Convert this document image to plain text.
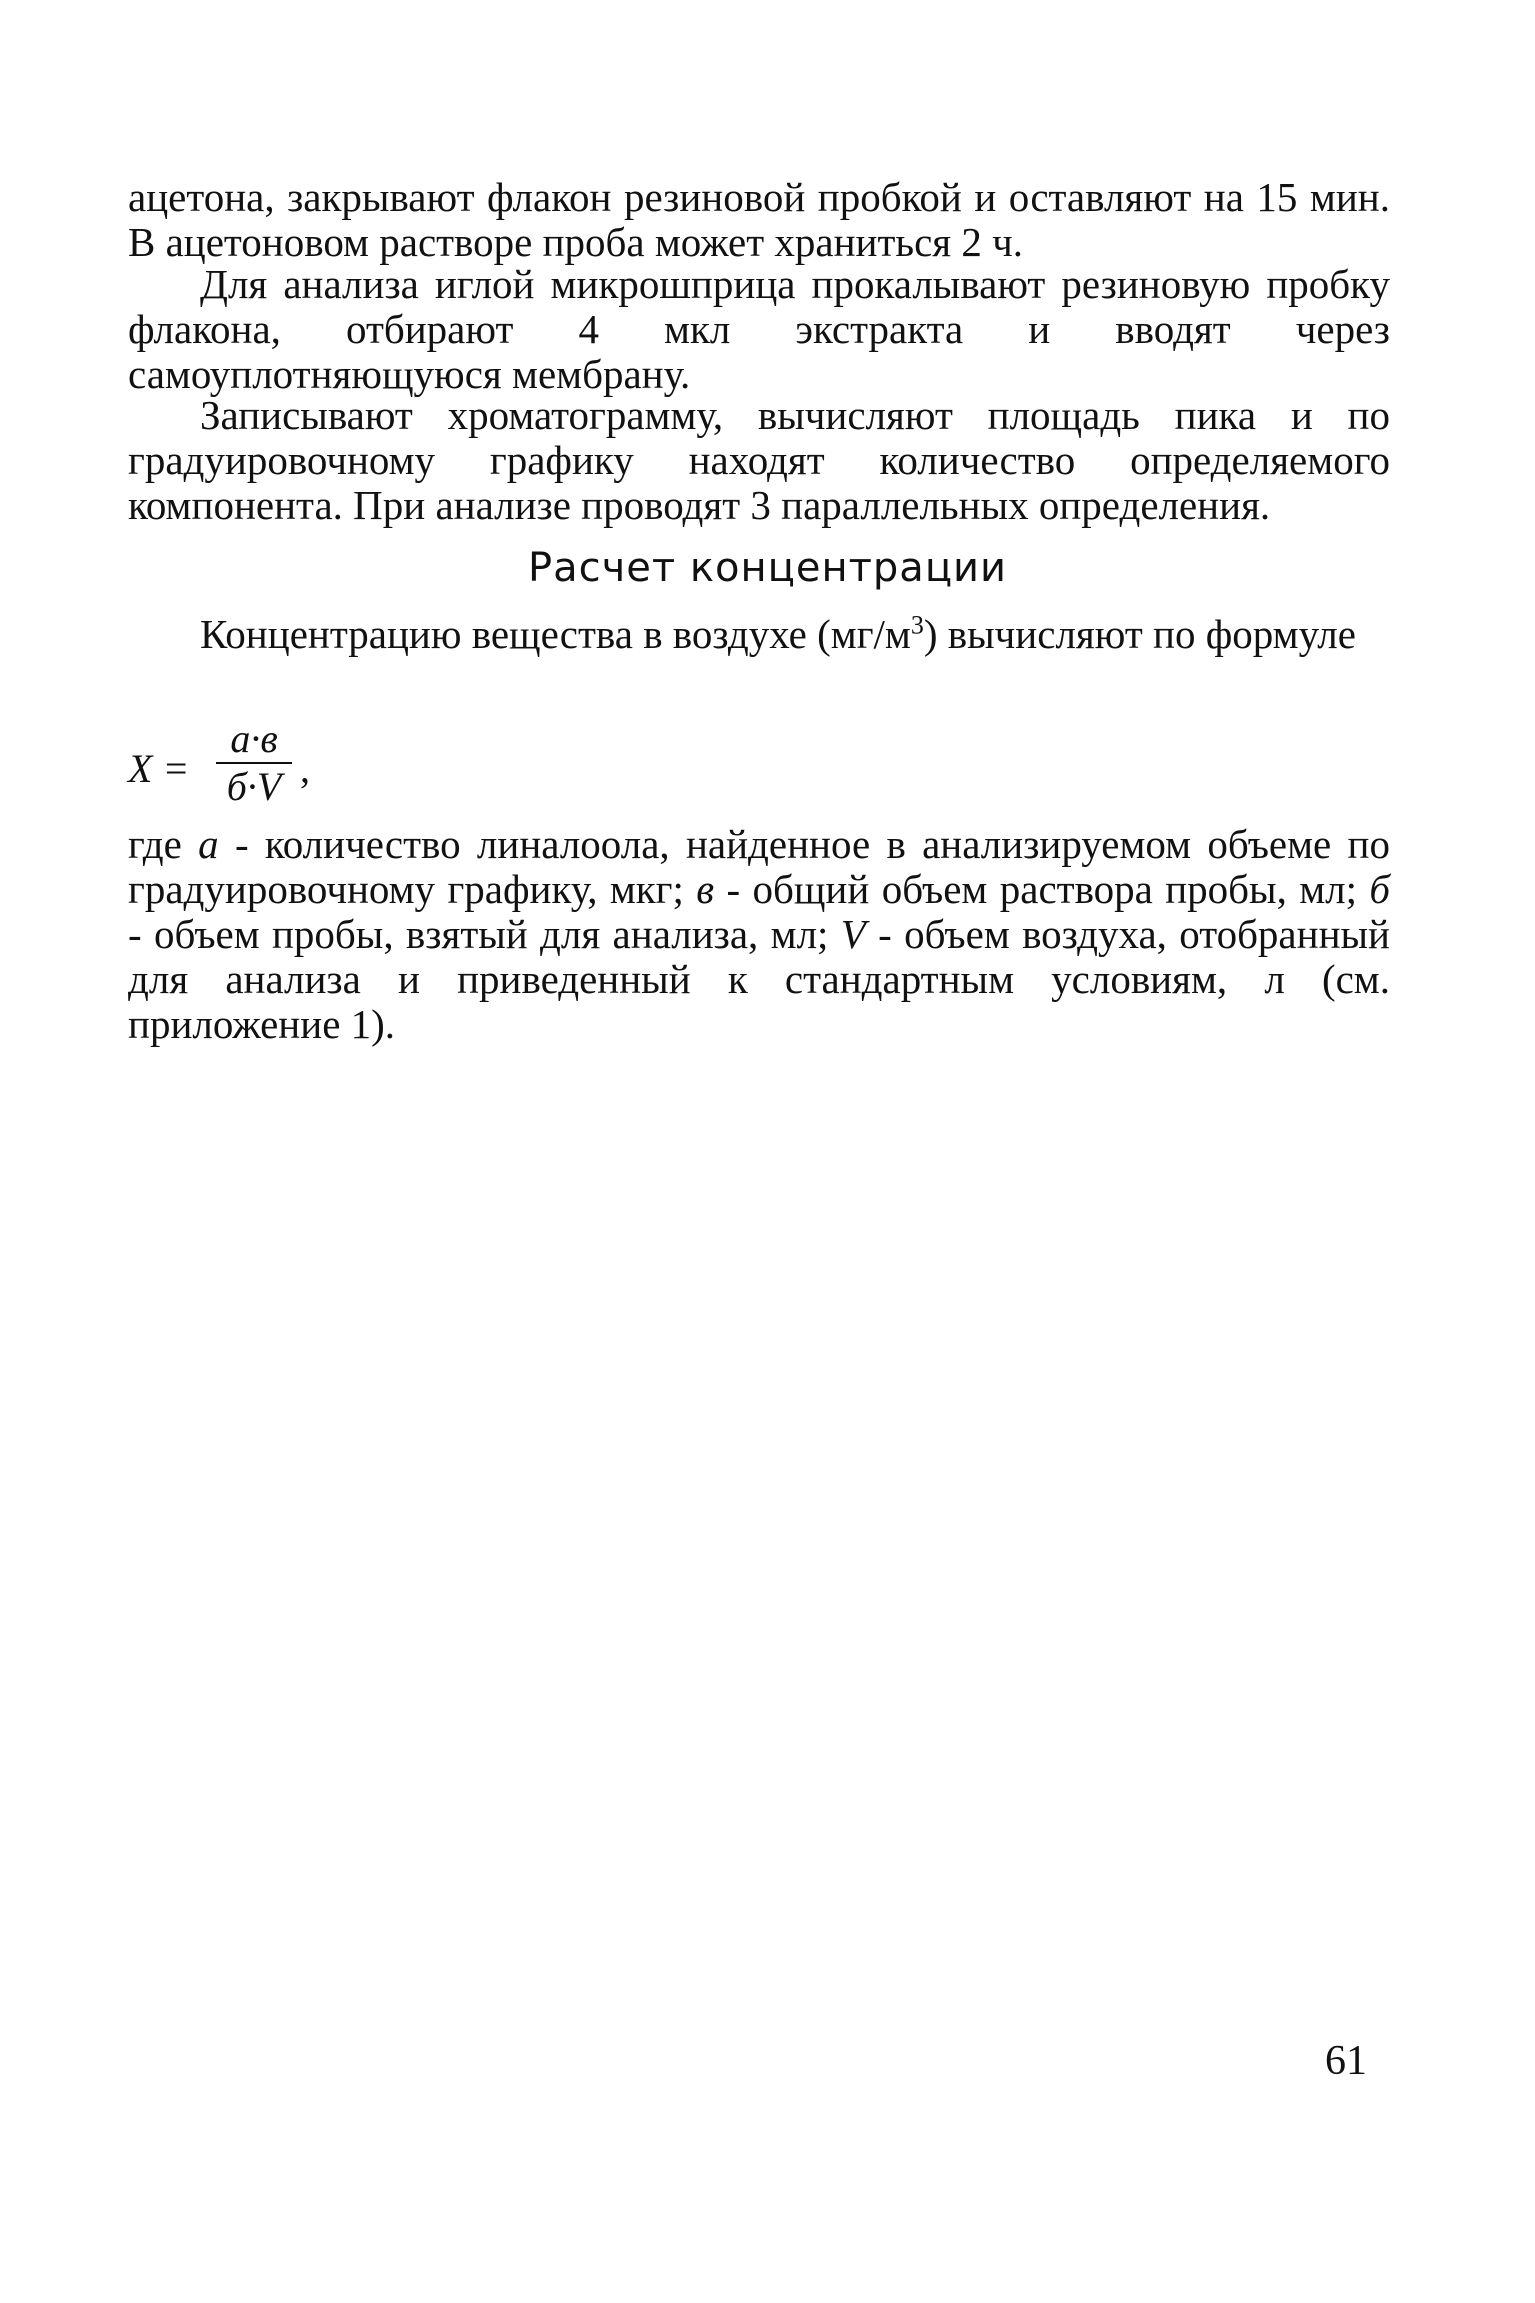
ацетона, закрывают флакон резиновой пробкой и оставляют на 15 мин. В ацетоновом растворе проба может храниться 2 ч.

Для анализа иглой микрошприца прокалывают резиновую пробку флакона, отбирают 4 мкл экстракта и вводят через самоуплотняющуюся мембрану.

Записывают хроматограмму, вычисляют площадь пика и по градуировочному графику находят количество определяемого компонента. При анализе проводят 3 параллельных определения.

Расчет концентрации

Концентрацию вещества в воздухе $(мг/м^3)$ вычисляют по формуле

X =
a·в
б·V ,

где a - количество линалоола, найденное в анализируемом объеме по градуировочному графику, мкг; в - общий объем раствора пробы, мл; б - объем пробы, взятый для анализа, мл; V - объем воздуха, отобранный для анализа и приведенный к стандартным условиям, л (см. приложение 1).

61
